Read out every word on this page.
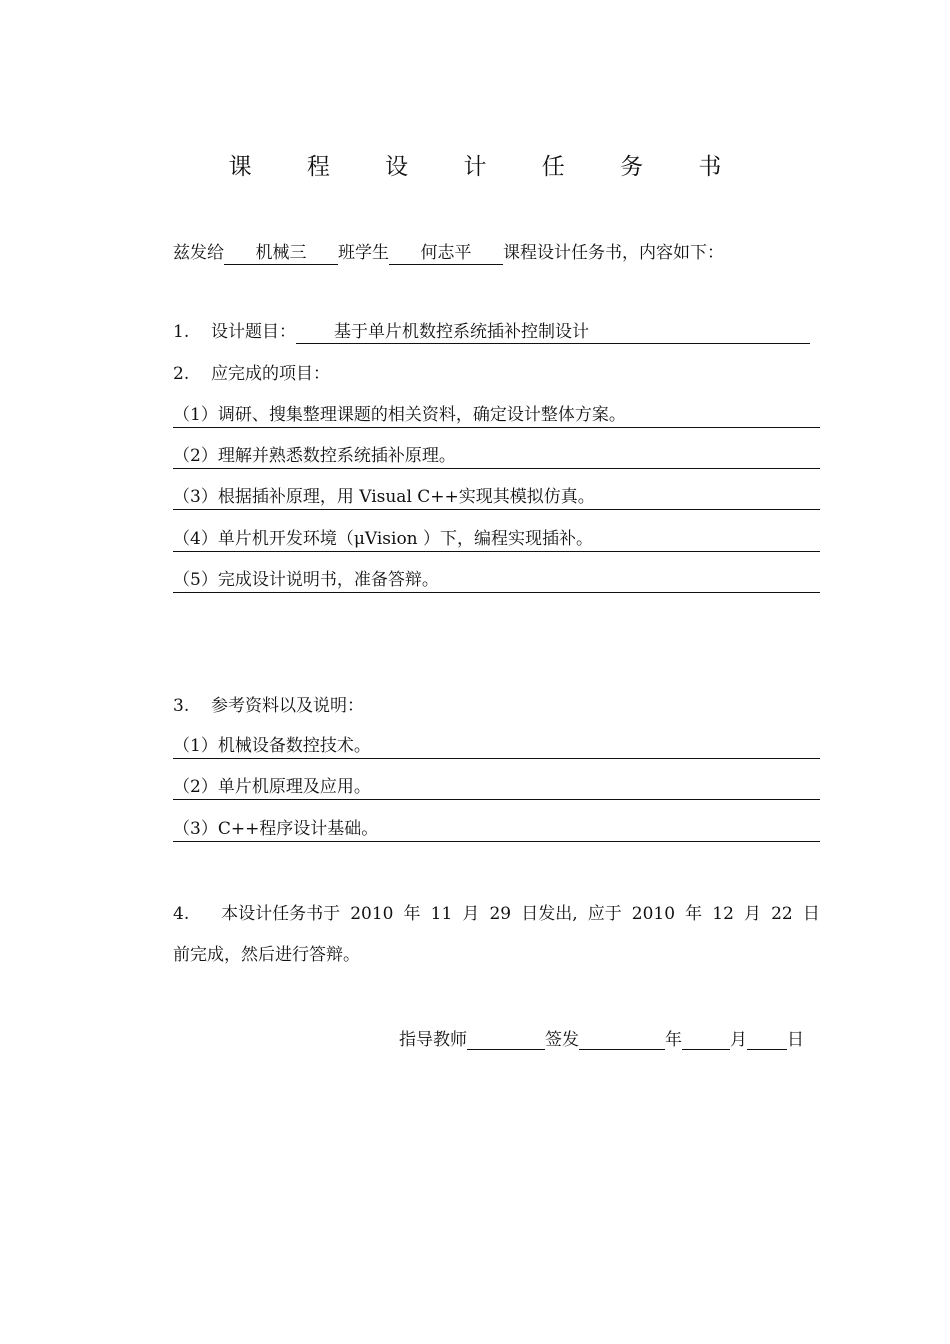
课 程 设 计 任 务 书
兹发给 机械三 班学生 何志平 课程设计任务书，内容如下：
1. 设计题目： 基于单片机数控系统插补控制设计
2. 应完成的项目：
（1）调研、搜集整理课题的相关资料，确定设计整体方案。
（2）理解并熟悉数控系统插补原理。
（3）根据插补原理，用 Visual C++实现其模拟仿真。
（4）单片机开发环境（μVision ）下，编程实现插补。
（5）完成设计说明书，准备答辩。
3. 参考资料以及说明：
（1）机械设备数控技术。
（2）单片机原理及应用。
（3）C++程序设计基础。
4.	本设计任务书于 2010 年 11 月 29 日发出, 应于 2010 年 12 月 22 日
前完成，然后进行答辩。
指导教师	签发	年	月 日
